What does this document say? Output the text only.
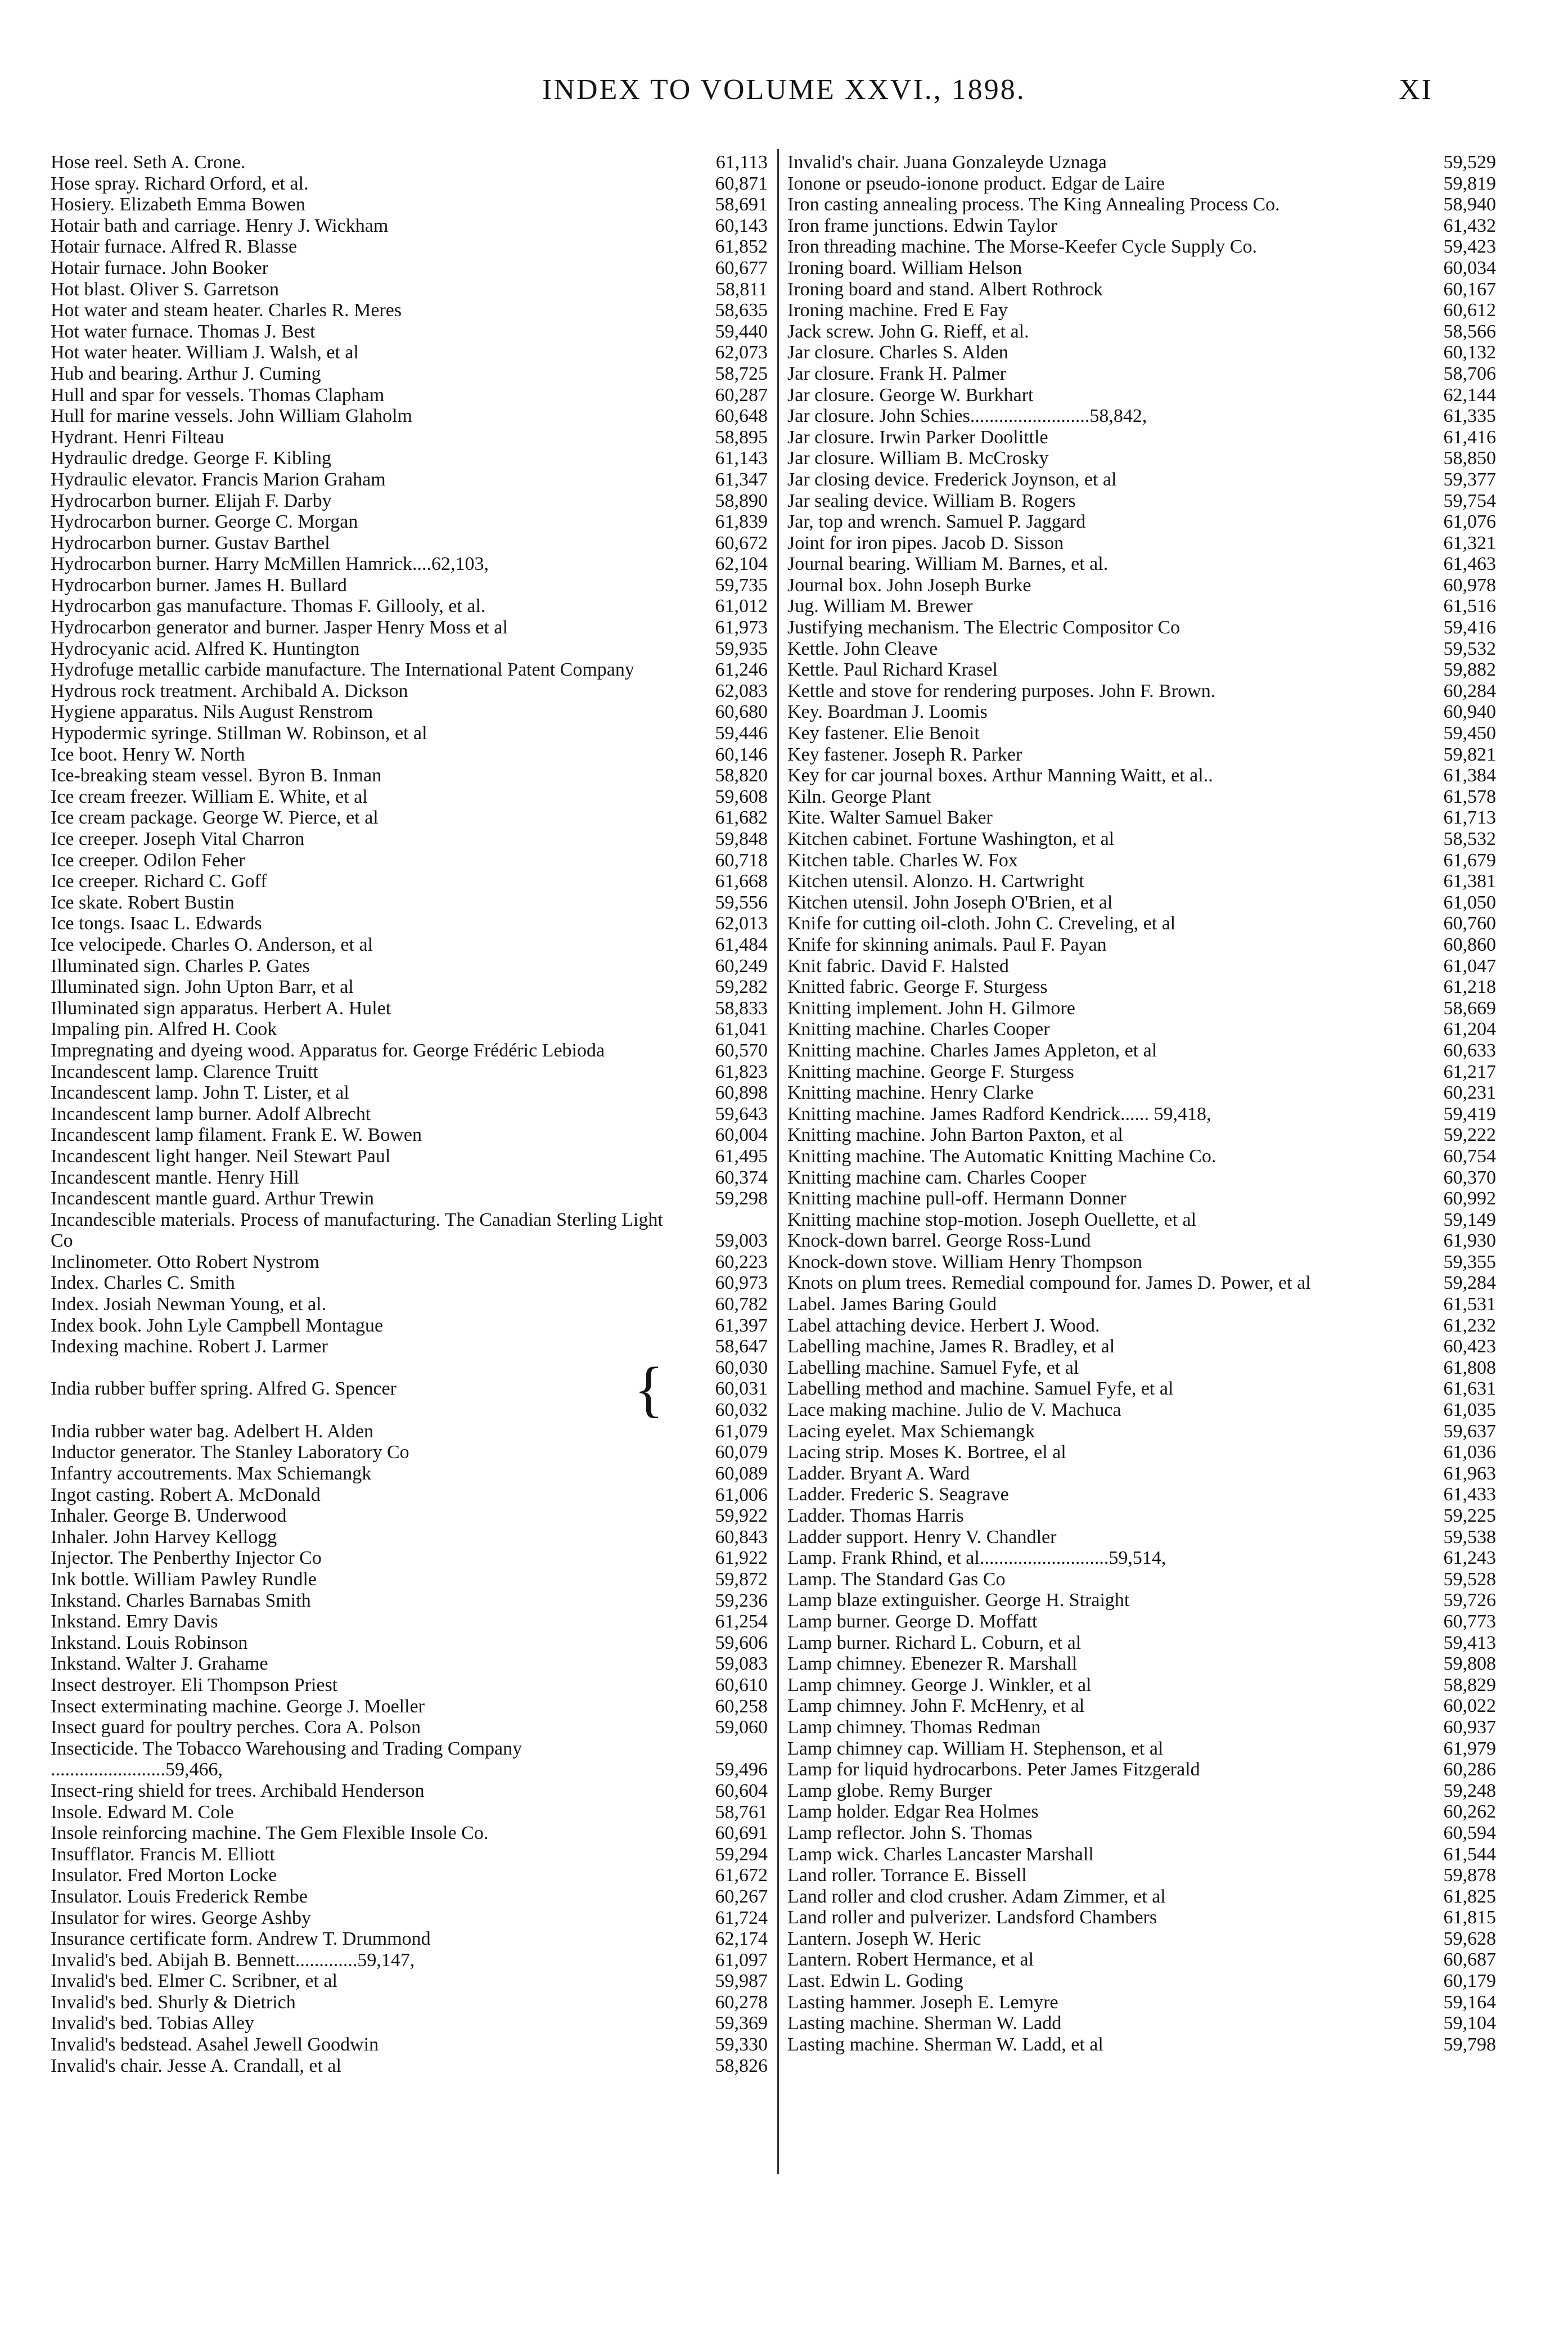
INDEX TO VOLUME XXVI., 1898.	XI
Hose reel. Seth A. Crone.	61,113
Hose spray. Richard Orford, et al.	60,871
Hosiery. Elizabeth Emma Bowen	58,691
Hotair bath and carriage. Henry J. Wickham	60,143
Hotair furnace. Alfred R. Blasse	61,852
Hotair furnace. John Booker	60,677
Hot blast. Oliver S. Garretson	58,811
Hot water and steam heater. Charles R. Meres	58,635
Hot water furnace. Thomas J. Best	59,440
Hot water heater. William J. Walsh, et al	62,073
Hub and bearing. Arthur J. Cuming	58,725
Hull and spar for vessels. Thomas Clapham	60,287
Hull for marine vessels. John William Glaholm	60,648
Hydrant. Henri Filteau	58,895
Hydraulic dredge. George F. Kibling	61,143
Hydraulic elevator. Francis Marion Graham	61,347
Hydrocarbon burner. Elijah F. Darby	58,890
Hydrocarbon burner. George C. Morgan	61,839
Hydrocarbon burner. Gustav Barthel	60,672
Hydrocarbon burner. Harry McMillen Hamrick....62,103,	62,104
Hydrocarbon burner. James H. Bullard	59,735
Hydrocarbon gas manufacture. Thomas F. Gillooly, et al.	61,012
Hydrocarbon generator and burner. Jasper Henry Moss et al	61,973
Hydrocyanic acid. Alfred K. Huntington	59,935
Hydrofuge metallic carbide manufacture. The International Patent Company	61,246
Hydrous rock treatment. Archibald A. Dickson	62,083
Hygiene apparatus. Nils August Renstrom	60,680
Hypodermic syringe. Stillman W. Robinson, et al	59,446
Ice boot. Henry W. North	60,146
Ice-breaking steam vessel. Byron B. Inman	58,820
Ice cream freezer. William E. White, et al	59,608
Ice cream package. George W. Pierce, et al	61,682
Ice creeper. Joseph Vital Charron	59,848
Ice creeper. Odilon Feher	60,718
Ice creeper. Richard C. Goff	61,668
Ice skate. Robert Bustin	59,556
Ice tongs. Isaac L. Edwards	62,013
Ice velocipede. Charles O. Anderson, et al	61,484
Illuminated sign. Charles P. Gates	60,249
Illuminated sign. John Upton Barr, et al	59,282
Illuminated sign apparatus. Herbert A. Hulet	58,833
Impaling pin. Alfred H. Cook	61,041
Impregnating and dyeing wood. Apparatus for. George Frédéric Lebioda	60,570
Incandescent lamp. Clarence Truitt	61,823
Incandescent lamp. John T. Lister, et al	60,898
Incandescent lamp burner. Adolf Albrecht	59,643
Incandescent lamp filament. Frank E. W. Bowen	60,004
Incandescent light hanger. Neil Stewart Paul	61,495
Incandescent mantle. Henry Hill	60,374
Incandescent mantle guard. Arthur Trewin	59,298
Incandescible materials. Process of manufacturing. The Canadian Sterling Light Co	59,003
Inclinometer. Otto Robert Nystrom	60,223
Index. Charles C. Smith	60,973
Index. Josiah Newman Young, et al.	60,782
Index book. John Lyle Campbell Montague	61,397
Indexing machine. Robert J. Larmer	58,647
India rubber buffer spring. Alfred G. Spencer	{	60,030
60,031
60,032
India rubber water bag. Adelbert H. Alden	61,079
Inductor generator. The Stanley Laboratory Co	60,079
Infantry accoutrements. Max Schiemangk	60,089
Ingot casting. Robert A. McDonald	61,006
Inhaler. George B. Underwood	59,922
Inhaler. John Harvey Kellogg	60,843
Injector. The Penberthy Injector Co	61,922
Ink bottle. William Pawley Rundle	59,872
Inkstand. Charles Barnabas Smith	59,236
Inkstand. Emry Davis	61,254
Inkstand. Louis Robinson	59,606
Inkstand. Walter J. Grahame	59,083
Insect destroyer. Eli Thompson Priest	60,610
Insect exterminating machine. George J. Moeller	60,258
Insect guard for poultry perches. Cora A. Polson	59,060
Insecticide. The Tobacco Warehousing and Trading Company ........................59,466,	59,496
Insect-ring shield for trees. Archibald Henderson	60,604
Insole. Edward M. Cole	58,761
Insole reinforcing machine. The Gem Flexible Insole Co.	60,691
Insufflator. Francis M. Elliott	59,294
Insulator. Fred Morton Locke	61,672
Insulator. Louis Frederick Rembe	60,267
Insulator for wires. George Ashby	61,724
Insurance certificate form. Andrew T. Drummond	62,174
Invalid's bed. Abijah B. Bennett.............59,147,	61,097
Invalid's bed. Elmer C. Scribner, et al	59,987
Invalid's bed. Shurly & Dietrich	60,278
Invalid's bed. Tobias Alley	59,369
Invalid's bedstead. Asahel Jewell Goodwin	59,330
Invalid's chair. Jesse A. Crandall, et al	58,826
Invalid's chair. Juana Gonzaleyde Uznaga	59,529
Ionone or pseudo-ionone product. Edgar de Laire	59,819
Iron casting annealing process. The King Annealing Process Co.	58,940
Iron frame junctions. Edwin Taylor	61,432
Iron threading machine. The Morse-Keefer Cycle Supply Co.	59,423
Ironing board. William Helson	60,034
Ironing board and stand. Albert Rothrock	60,167
Ironing machine. Fred E Fay	60,612
Jack screw. John G. Rieff, et al.	58,566
Jar closure. Charles S. Alden	60,132
Jar closure. Frank H. Palmer	58,706
Jar closure. George W. Burkhart	62,144
Jar closure. John Schies.........................58,842,	61,335
Jar closure. Irwin Parker Doolittle	61,416
Jar closure. William B. McCrosky	58,850
Jar closing device. Frederick Joynson, et al	59,377
Jar sealing device. William B. Rogers	59,754
Jar, top and wrench. Samuel P. Jaggard	61,076
Joint for iron pipes. Jacob D. Sisson	61,321
Journal bearing. William M. Barnes, et al.	61,463
Journal box. John Joseph Burke	60,978
Jug. William M. Brewer	61,516
Justifying mechanism. The Electric Compositor Co	59,416
Kettle. John Cleave	59,532
Kettle. Paul Richard Krasel	59,882
Kettle and stove for rendering purposes. John F. Brown.	60,284
Key. Boardman J. Loomis	60,940
Key fastener. Elie Benoit	59,450
Key fastener. Joseph R. Parker	59,821
Key for car journal boxes. Arthur Manning Waitt, et al..	61,384
Kiln. George Plant	61,578
Kite. Walter Samuel Baker	61,713
Kitchen cabinet. Fortune Washington, et al	58,532
Kitchen table. Charles W. Fox	61,679
Kitchen utensil. Alonzo. H. Cartwright	61,381
Kitchen utensil. John Joseph O'Brien, et al	61,050
Knife for cutting oil-cloth. John C. Creveling, et al	60,760
Knife for skinning animals. Paul F. Payan	60,860
Knit fabric. David F. Halsted	61,047
Knitted fabric. George F. Sturgess	61,218
Knitting implement. John H. Gilmore	58,669
Knitting machine. Charles Cooper	61,204
Knitting machine. Charles James Appleton, et al	60,633
Knitting machine. George F. Sturgess	61,217
Knitting machine. Henry Clarke	60,231
Knitting machine. James Radford Kendrick...... 59,418,	59,419
Knitting machine. John Barton Paxton, et al	59,222
Knitting machine. The Automatic Knitting Machine Co.	60,754
Knitting machine cam. Charles Cooper	60,370
Knitting machine pull-off. Hermann Donner	60,992
Knitting machine stop-motion. Joseph Ouellette, et al	59,149
Knock-down barrel. George Ross-Lund	61,930
Knock-down stove. William Henry Thompson	59,355
Knots on plum trees. Remedial compound for. James D. Power, et al	59,284
Label. James Baring Gould	61,531
Label attaching device. Herbert J. Wood.	61,232
Labelling machine, James R. Bradley, et al	60,423
Labelling machine. Samuel Fyfe, et al	61,808
Labelling method and machine. Samuel Fyfe, et al	61,631
Lace making machine. Julio de V. Machuca	61,035
Lacing eyelet. Max Schiemangk	59,637
Lacing strip. Moses K. Bortree, el al	61,036
Ladder. Bryant A. Ward	61,963
Ladder. Frederic S. Seagrave	61,433
Ladder. Thomas Harris	59,225
Ladder support. Henry V. Chandler	59,538
Lamp. Frank Rhind, et al...........................59,514,	61,243
Lamp. The Standard Gas Co	59,528
Lamp blaze extinguisher. George H. Straight	59,726
Lamp burner. George D. Moffatt	60,773
Lamp burner. Richard L. Coburn, et al	59,413
Lamp chimney. Ebenezer R. Marshall	59,808
Lamp chimney. George J. Winkler, et al	58,829
Lamp chimney. John F. McHenry, et al	60,022
Lamp chimney. Thomas Redman	60,937
Lamp chimney cap. William H. Stephenson, et al	61,979
Lamp for liquid hydrocarbons. Peter James Fitzgerald	60,286
Lamp globe. Remy Burger	59,248
Lamp holder. Edgar Rea Holmes	60,262
Lamp reflector. John S. Thomas	60,594
Lamp wick. Charles Lancaster Marshall	61,544
Land roller. Torrance E. Bissell	59,878
Land roller and clod crusher. Adam Zimmer, et al	61,825
Land roller and pulverizer. Landsford Chambers	61,815
Lantern. Joseph W. Heric	59,628
Lantern. Robert Hermance, et al	60,687
Last. Edwin L. Goding	60,179
Lasting hammer. Joseph E. Lemyre	59,164
Lasting machine. Sherman W. Ladd	59,104
Lasting machine. Sherman W. Ladd, et al	59,798
